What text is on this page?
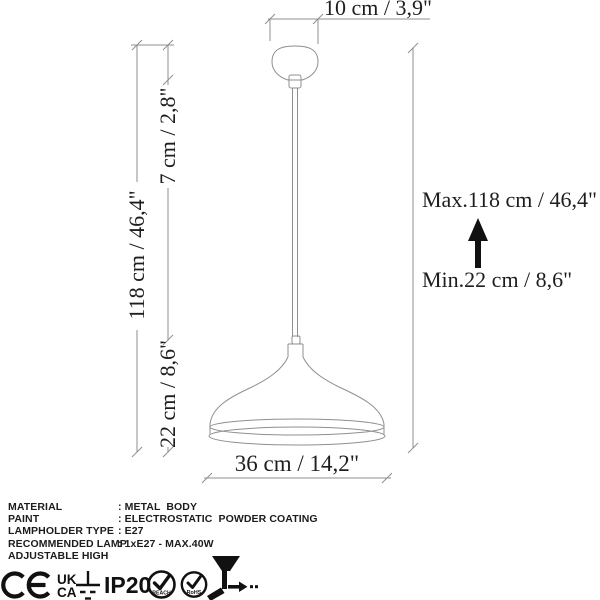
10 cm / 3,9"
118 cm / 46,4"
7 cm / 2,8"
22 cm / 8,6"
Max.118 cm / 46,4"
Min.22 cm / 8,6"
36 cm / 14,2"
MATERIAL	: METAL  BODY
PAINT	: ELECTROSTATIC  POWDER COATING
LAMPHOLDER TYPE : E27
RECOMMENDED LAMP: 1xE27 - MAX.40W
ADJUSTABLE HIGH
UK
CA IP20 REACH	RoHS
